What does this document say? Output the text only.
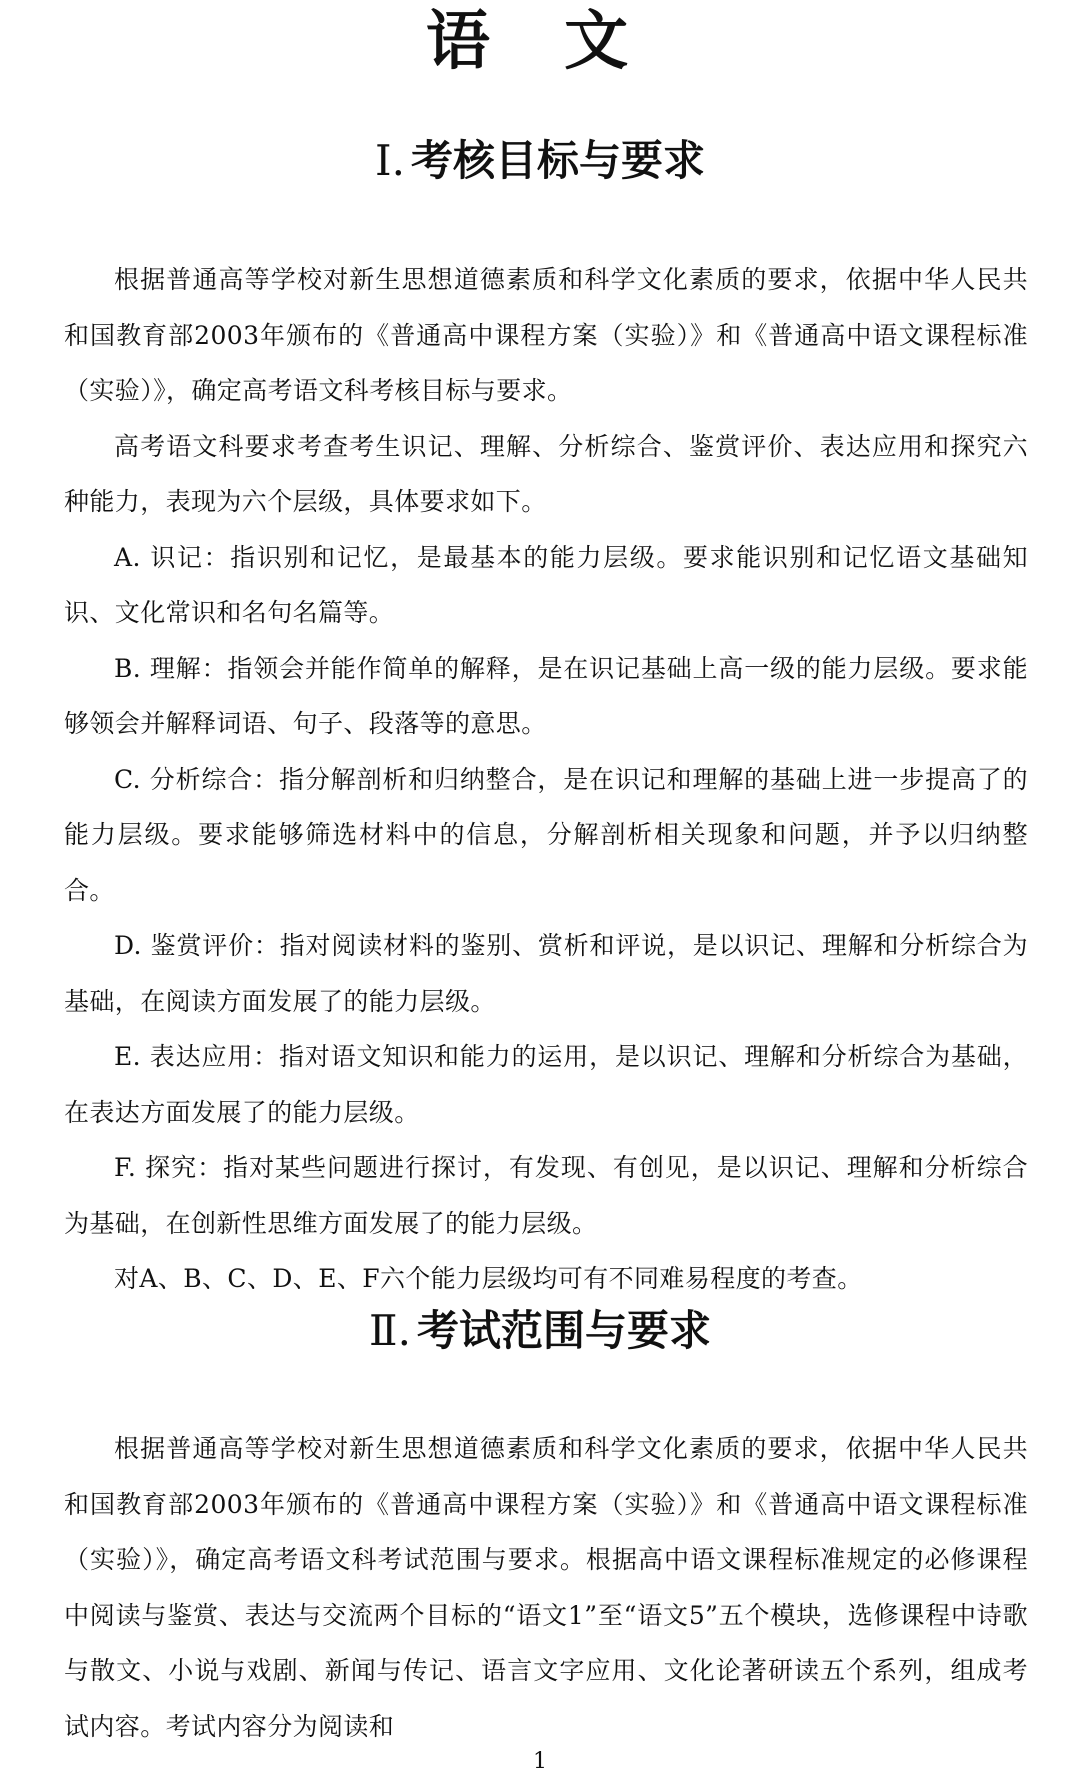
语 文
Ⅰ. 考核目标与要求

根据普通高等学校对新生思想道德素质和科学文化素质的要求，依据中华人民共和国教育部2003年颁布的《普通高中课程方案（实验）》和《普通高中语文课程标准（实验）》，确定高考语文科考核目标与要求。

高考语文科要求考查考生识记、理解、分析综合、鉴赏评价、表达应用和探究六种能力，表现为六个层级，具体要求如下。

A. 识记：指识别和记忆，是最基本的能力层级。要求能识别和记忆语文基础知识、文化常识和名句名篇等。

B. 理解：指领会并能作简单的解释，是在识记基础上高一级的能力层级。要求能够领会并解释词语、句子、段落等的意思。

C. 分析综合：指分解剖析和归纳整合，是在识记和理解的基础上进一步提高了的能力层级。要求能够筛选材料中的信息，分解剖析相关现象和问题，并予以归纳整合。

D. 鉴赏评价：指对阅读材料的鉴别、赏析和评说，是以识记、理解和分析综合为基础，在阅读方面发展了的能力层级。

E. 表达应用：指对语文知识和能力的运用，是以识记、理解和分析综合为基础，在表达方面发展了的能力层级。

F. 探究：指对某些问题进行探讨，有发现、有创见，是以识记、理解和分析综合为基础，在创新性思维方面发展了的能力层级。

对A、B、C、D、E、F六个能力层级均可有不同难易程度的考查。

Ⅱ. 考试范围与要求

根据普通高等学校对新生思想道德素质和科学文化素质的要求，依据中华人民共和国教育部2003年颁布的《普通高中课程方案（实验）》和《普通高中语文课程标准（实验）》，确定高考语文科考试范围与要求。根据高中语文课程标准规定的必修课程中阅读与鉴赏、表达与交流两个目标的“语文1”至“语文5”五个模块，选修课程中诗歌与散文、小说与戏剧、新闻与传记、语言文字应用、文化论著研读五个系列，组成考试内容。考试内容分为阅读和

1
